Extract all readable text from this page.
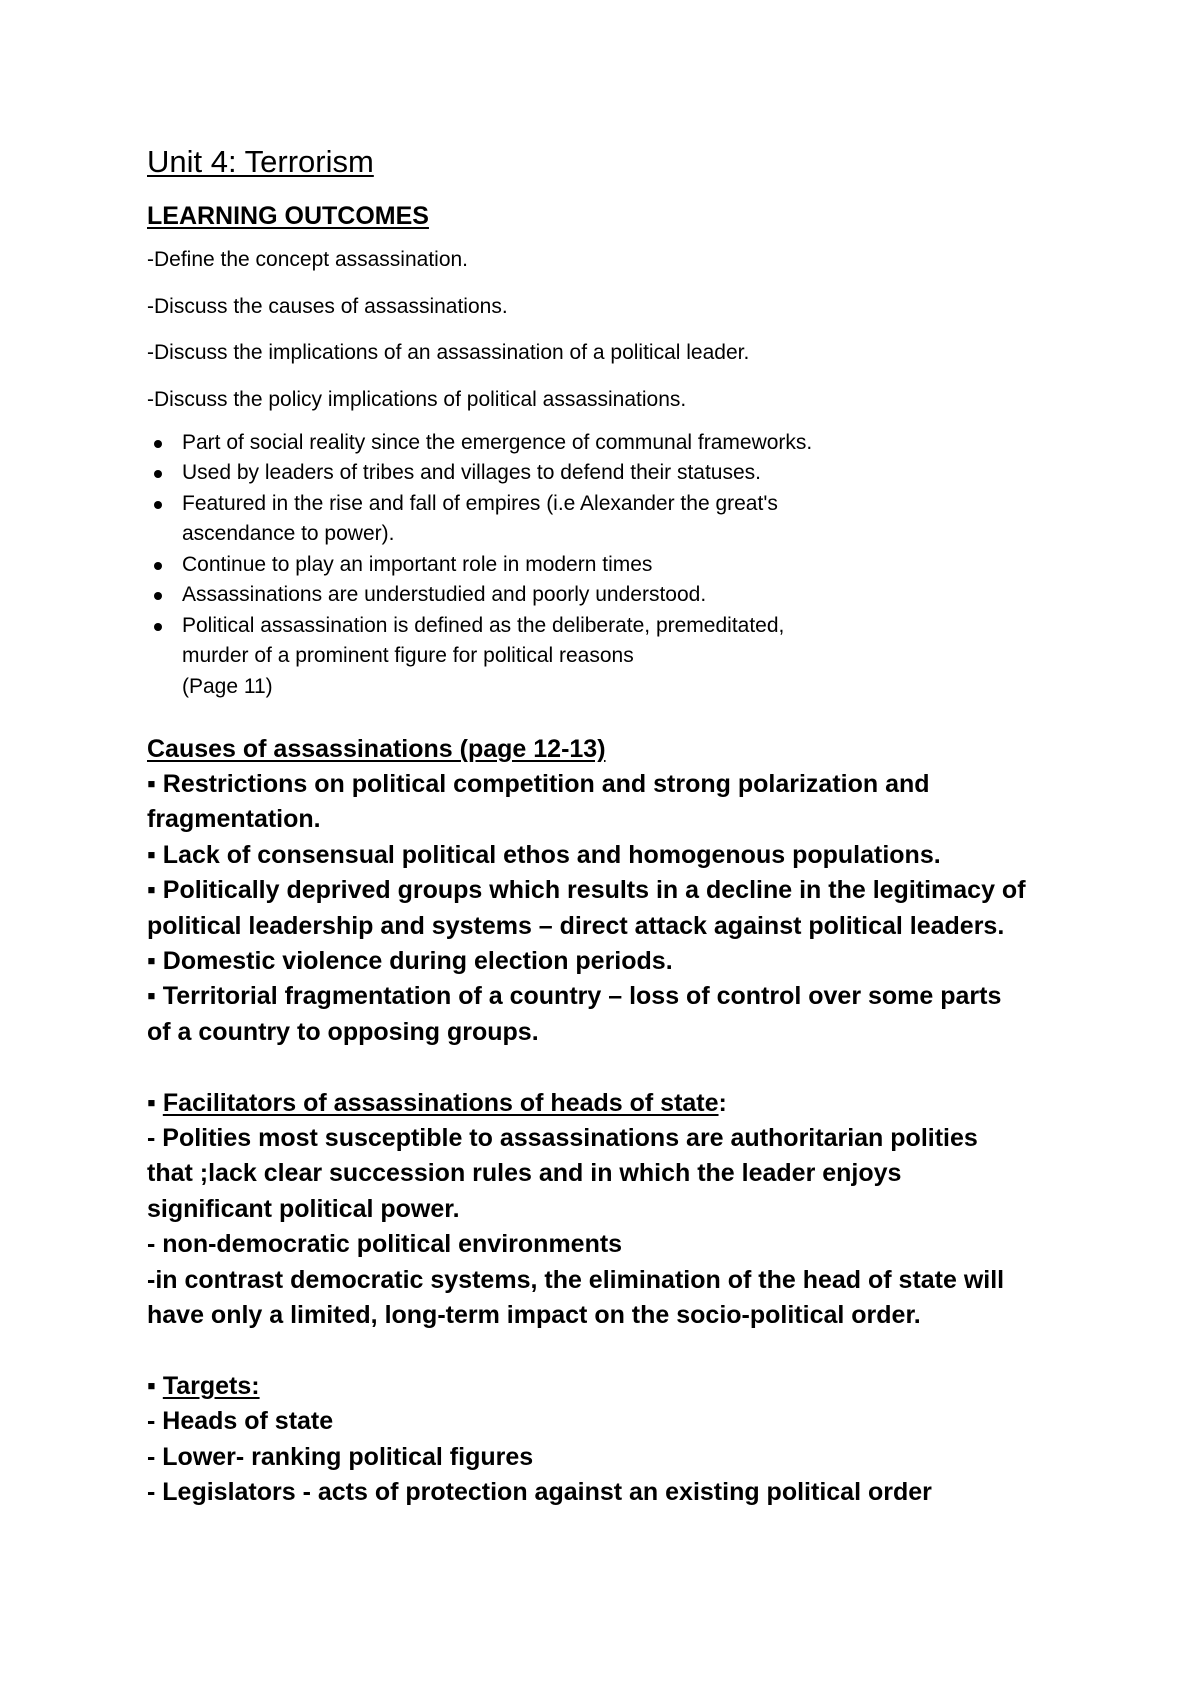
Unit 4: Terrorism
LEARNING OUTCOMES
-Define the concept assassination.
-Discuss the causes of assassinations.
-Discuss the implications of an assassination of a political leader.
-Discuss the policy implications of political assassinations.
Part of social reality since the emergence of communal frameworks.
Used by leaders of tribes and villages to defend their statuses.
Featured in the rise and fall of empires (i.e Alexander the great's
ascendance to power).
Continue to play an important role in modern times
Assassinations are understudied and poorly understood.
Political assassination is defined as the deliberate, premeditated,
murder of a prominent figure for political reasons
(Page 11)
Causes of assassinations (page 12-13)
▪ Restrictions on political competition and strong polarization and
fragmentation.
▪ Lack of consensual political ethos and homogenous populations.
▪ Politically deprived groups which results in a decline in the legitimacy of
political leadership and systems – direct attack against political leaders.
▪ Domestic violence during election periods.
▪ Territorial fragmentation of a country – loss of control over some parts
of a country to opposing groups.
▪ Facilitators of assassinations of heads of state:
- Polities most susceptible to assassinations are authoritarian polities
that ;lack clear succession rules and in which the leader enjoys
significant political power.
- non-democratic political environments
-in contrast democratic systems, the elimination of the head of state will
have only a limited, long-term impact on the socio-political order.
▪ Targets:
- Heads of state
- Lower- ranking political figures
- Legislators - acts of protection against an existing political order
